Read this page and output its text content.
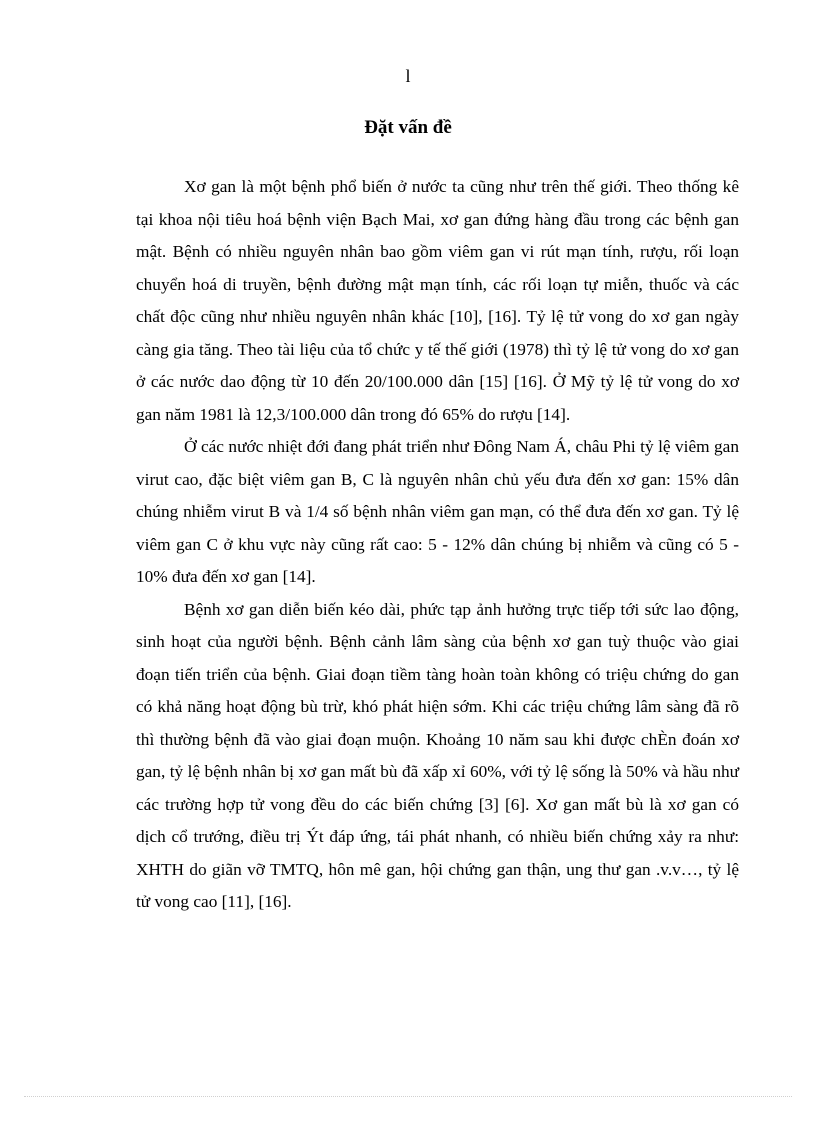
l
Đặt vấn đề

Xơ gan là một bệnh phổ biến ở nước ta cũng như trên thế giới. Theo thống kê tại khoa nội tiêu hoá bệnh viện Bạch Mai, xơ gan đứng hàng đầu trong các bệnh gan mật. Bệnh có nhiều nguyên nhân bao gồm viêm gan vi rút mạn tính, rượu, rối loạn chuyển hoá di truyền, bệnh đường mật mạn tính, các rối loạn tự miễn, thuốc và các chất độc cũng như nhiều nguyên nhân khác [10], [16]. Tỷ lệ tử vong do xơ gan ngày càng gia tăng. Theo tài liệu của tổ chức y tế thế giới (1978) thì tỷ lệ tử vong do xơ gan ở các nước dao động từ 10 đến 20/100.000 dân [15] [16]. Ở Mỹ tỷ lệ tử vong do xơ gan năm 1981 là 12,3/100.000 dân trong đó 65% do rượu [14].

Ở các nước nhiệt đới đang phát triển như Đông Nam Á, châu Phi tỷ lệ viêm gan virut cao, đặc biệt viêm gan B, C là nguyên nhân chủ yếu đưa đến xơ gan: 15% dân chúng nhiễm virut B và 1/4 số bệnh nhân viêm gan mạn, có thể đưa đến xơ gan. Tỷ lệ viêm gan C ở khu vực này cũng rất cao: 5 - 12% dân chúng bị nhiễm và cũng có 5 - 10% đưa đến xơ gan [14].

Bệnh xơ gan diễn biến kéo dài, phức tạp ảnh hưởng trực tiếp tới sức lao động, sinh hoạt của người bệnh. Bệnh cảnh lâm sàng của bệnh xơ gan tuỳ thuộc vào giai đoạn tiến triển của bệnh. Giai đoạn tiềm tàng hoàn toàn không có triệu chứng do gan có khả năng hoạt động bù trừ, khó phát hiện sớm. Khi các triệu chứng lâm sàng đã rõ thì thường bệnh đã vào giai đoạn muộn. Khoảng 10 năm sau khi được chÈn đoán xơ gan, tỷ lệ bệnh nhân bị xơ gan mất bù đã xấp xỉ 60%, với tỷ lệ sống là 50% và hầu như các trường hợp tử vong đều do các biến chứng [3] [6]. Xơ gan mất bù là xơ gan có dịch cổ trướng, điều trị Ýt đáp ứng, tái phát nhanh, có nhiều biến chứng xảy ra như: XHTH do giãn vỡ TMTQ, hôn mê gan, hội chứng gan thận, ung thư gan .v.v…, tỷ lệ tử vong cao [11], [16].
